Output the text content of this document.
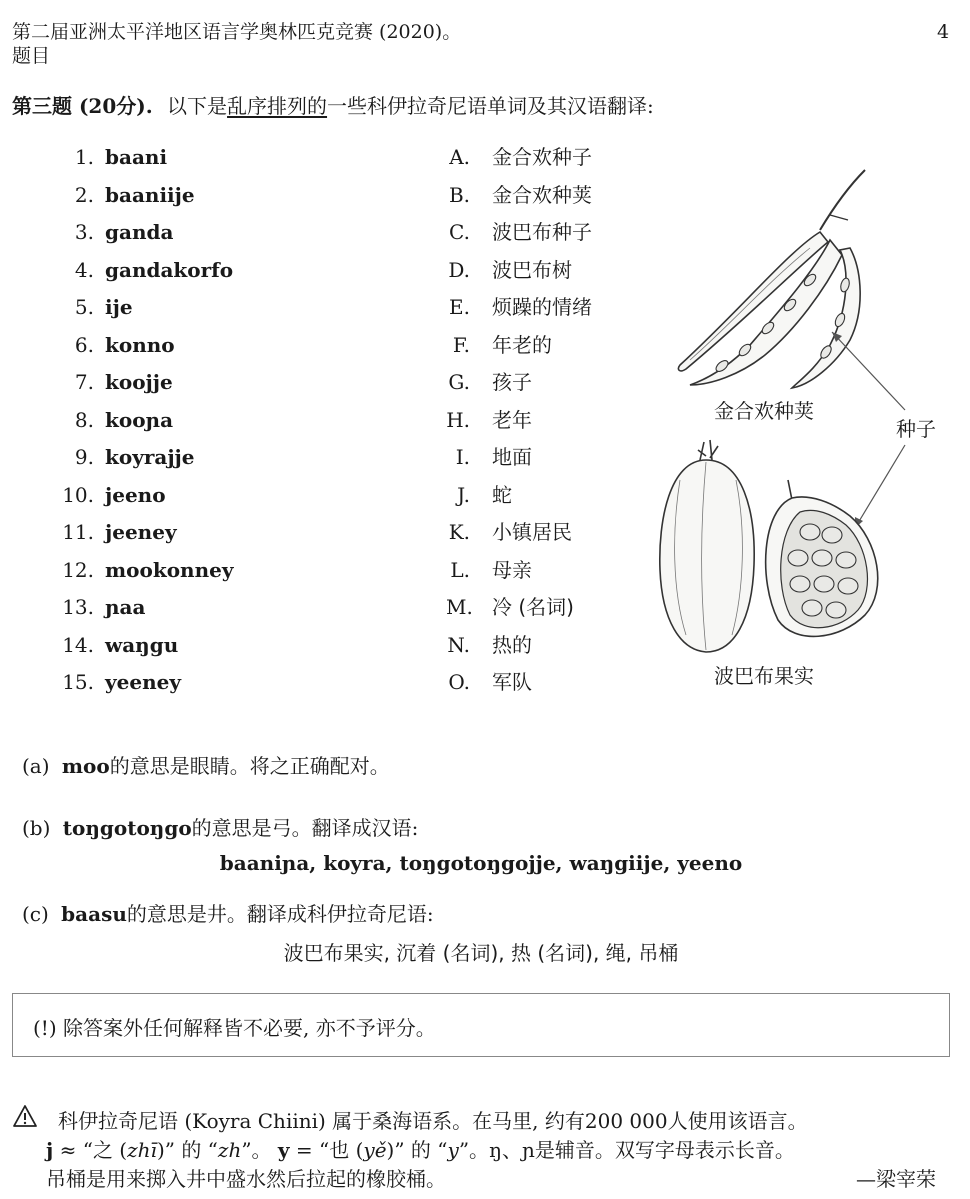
第二届亚洲太平洋地区语言学奥林匹克竞赛 (2020)。
题目
4
第三题 (20分). 以下是乱序排列的一些科伊拉奇尼语单词及其汉语翻译:
1. baani
2. baaniije
3. ganda
4. gandakorfo
5. ije
6. konno
7. koojje
8. kooɲa
9. koyrajje
10. jeeno
11. jeeney
12. mookonney
13. ɲaa
14. waŋgu
15. yeeney
A. 金合欢种子
B. 金合欢种荚
C. 波巴布种子
D. 波巴布树
E. 烦躁的情绪
F. 年老的
G. 孩子
H. 老年
I. 地面
J. 蛇
K. 小镇居民
L. 母亲
M. 冷 (名词)
N. 热的
O. 军队
金合欢种荚
种子
波巴布果实
(a) moo的意思是眼睛。将之正确配对。
(b) toŋgotoŋgo的意思是弓。翻译成汉语:
baaniɲa, koyra, toŋgotoŋgojje, waŋgiije, yeeno
(c) baasu的意思是井。翻译成科伊拉奇尼语:
波巴布果实, 沉着 (名词), 热 (名词), 绳, 吊桶
(!) 除答案外任何解释皆不必要, 亦不予评分。
科伊拉奇尼语 (Koyra Chiini) 属于桑海语系。在马里, 约有200 000人使用该语言。
j ≈ “之 (zhī)” 的 “zh”。 y = “也 (yě)” 的 “y”。ŋ、ɲ是辅音。双写字母表示长音。
吊桶是用来掷入井中盛水然后拉起的橡胶桶。	—梁宰荣
